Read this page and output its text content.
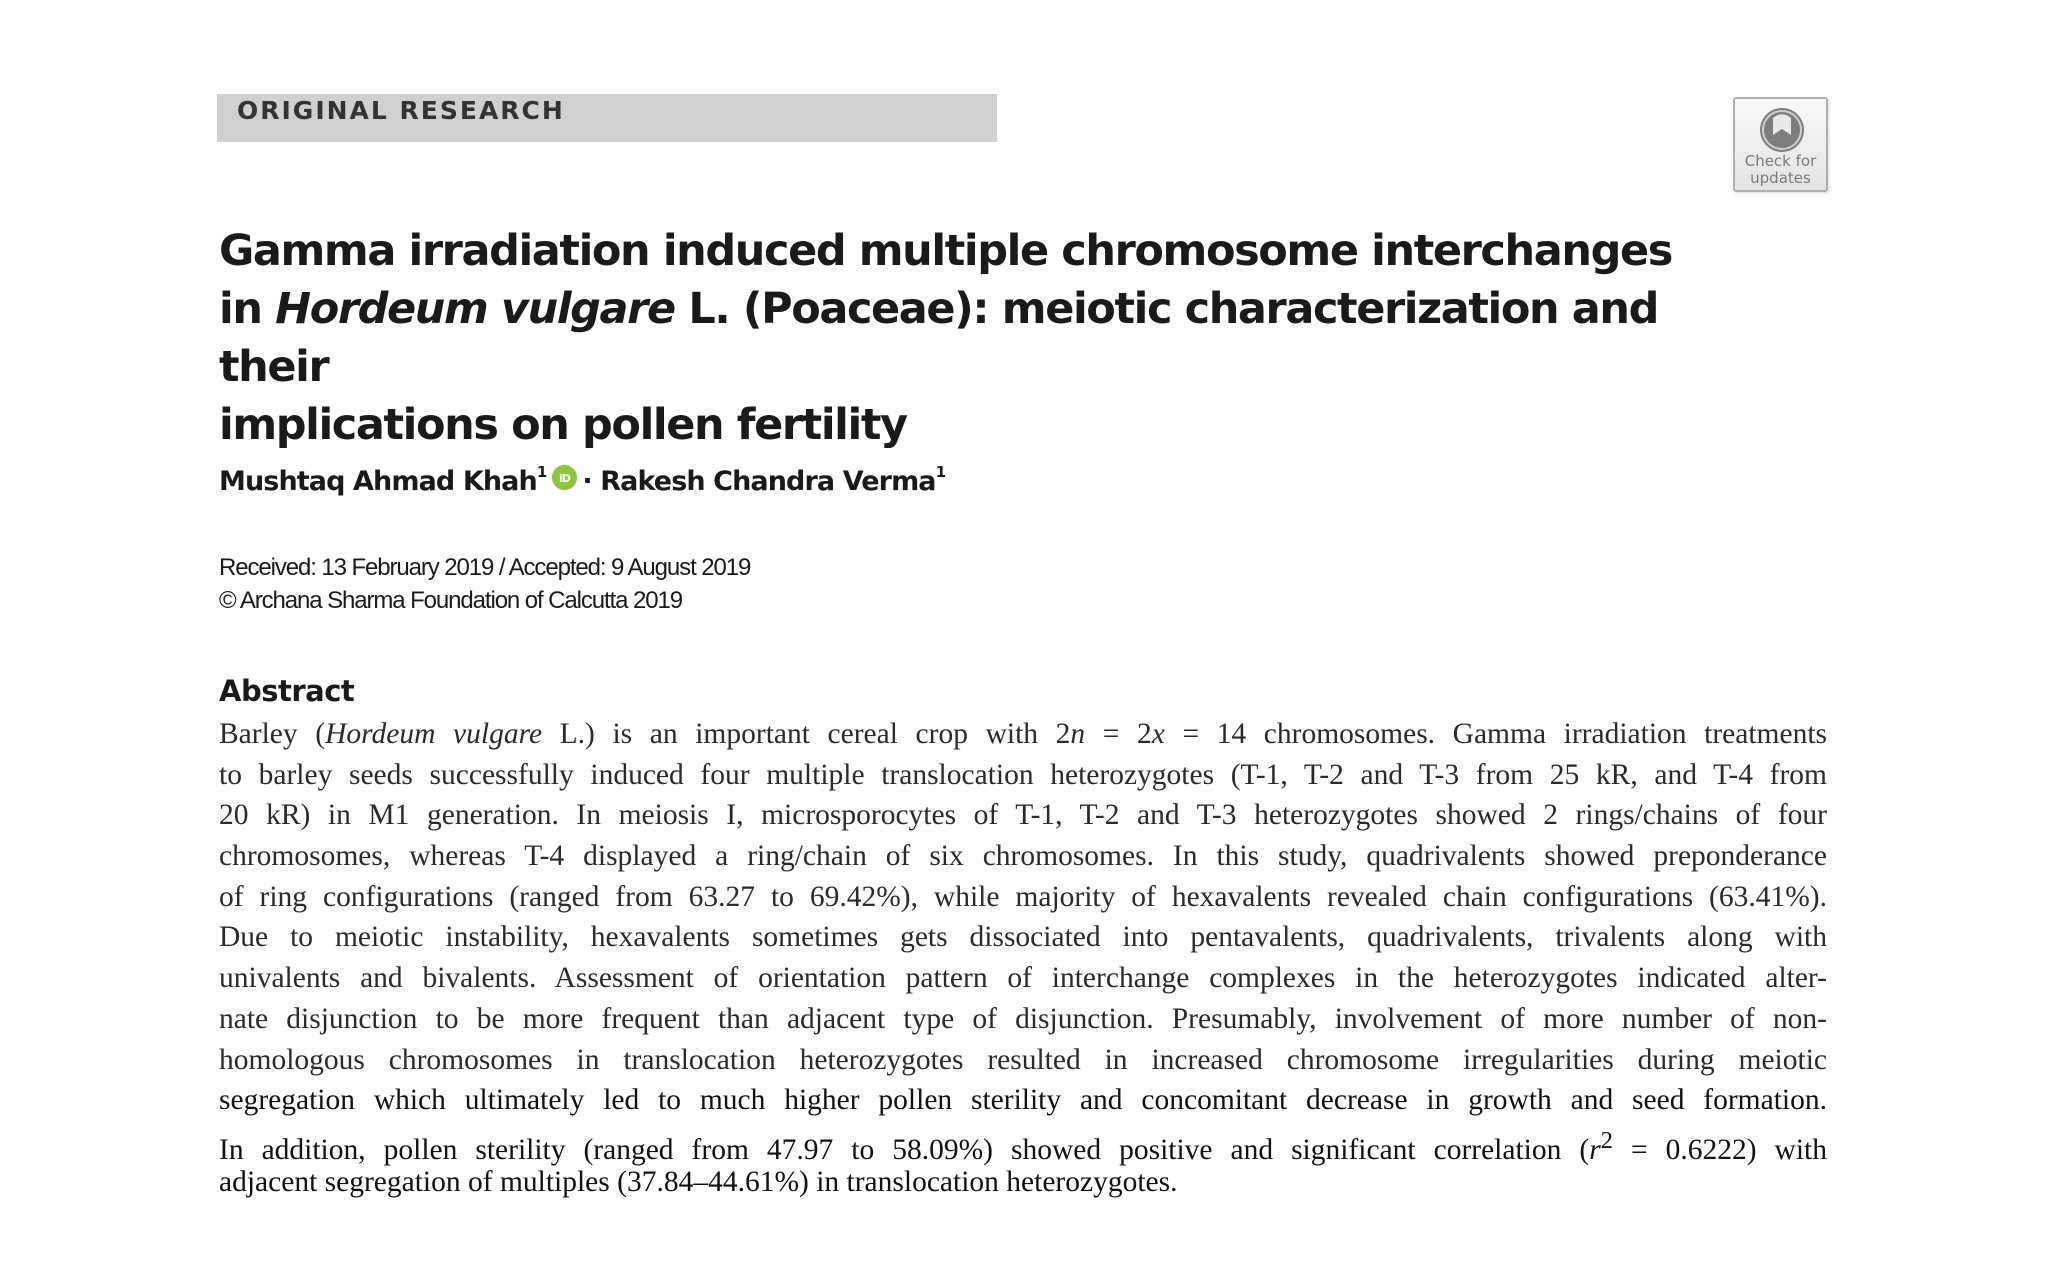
ORIGINAL RESEARCH
Check for
updates
Gamma irradiation induced multiple chromosome interchanges
in Hordeum vulgare L. (Poaceae): meiotic characterization and their
implications on pollen fertility
Mushtaq Ahmad Khah$^1$ iD · Rakesh Chandra Verma$^1$
Received: 13 February 2019 / Accepted: 9 August 2019
© Archana Sharma Foundation of Calcutta 2019
Abstract
Barley (Hordeum vulgare L.) is an important cereal crop with 2n = 2x = 14 chromosomes. Gamma irradiation treatments
to barley seeds successfully induced four multiple translocation heterozygotes (T-1, T-2 and T-3 from 25 kR, and T-4 from
20 kR) in M1 generation. In meiosis I, microsporocytes of T-1, T-2 and T-3 heterozygotes showed 2 rings/chains of four
chromosomes, whereas T-4 displayed a ring/chain of six chromosomes. In this study, quadrivalents showed preponderance
of ring configurations (ranged from 63.27 to 69.42%), while majority of hexavalents revealed chain configurations (63.41%).
Due to meiotic instability, hexavalents sometimes gets dissociated into pentavalents, quadrivalents, trivalents along with
univalents and bivalents. Assessment of orientation pattern of interchange complexes in the heterozygotes indicated alter-
nate disjunction to be more frequent than adjacent type of disjunction. Presumably, involvement of more number of non-
homologous chromosomes in translocation heterozygotes resulted in increased chromosome irregularities during meiotic
segregation which ultimately led to much higher pollen sterility and concomitant decrease in growth and seed formation.
In addition, pollen sterility (ranged from 47.97 to 58.09%) showed positive and significant correlation $(r^2 = 0.6222)$ with
adjacent segregation of multiples (37.84–44.61%) in translocation heterozygotes.
